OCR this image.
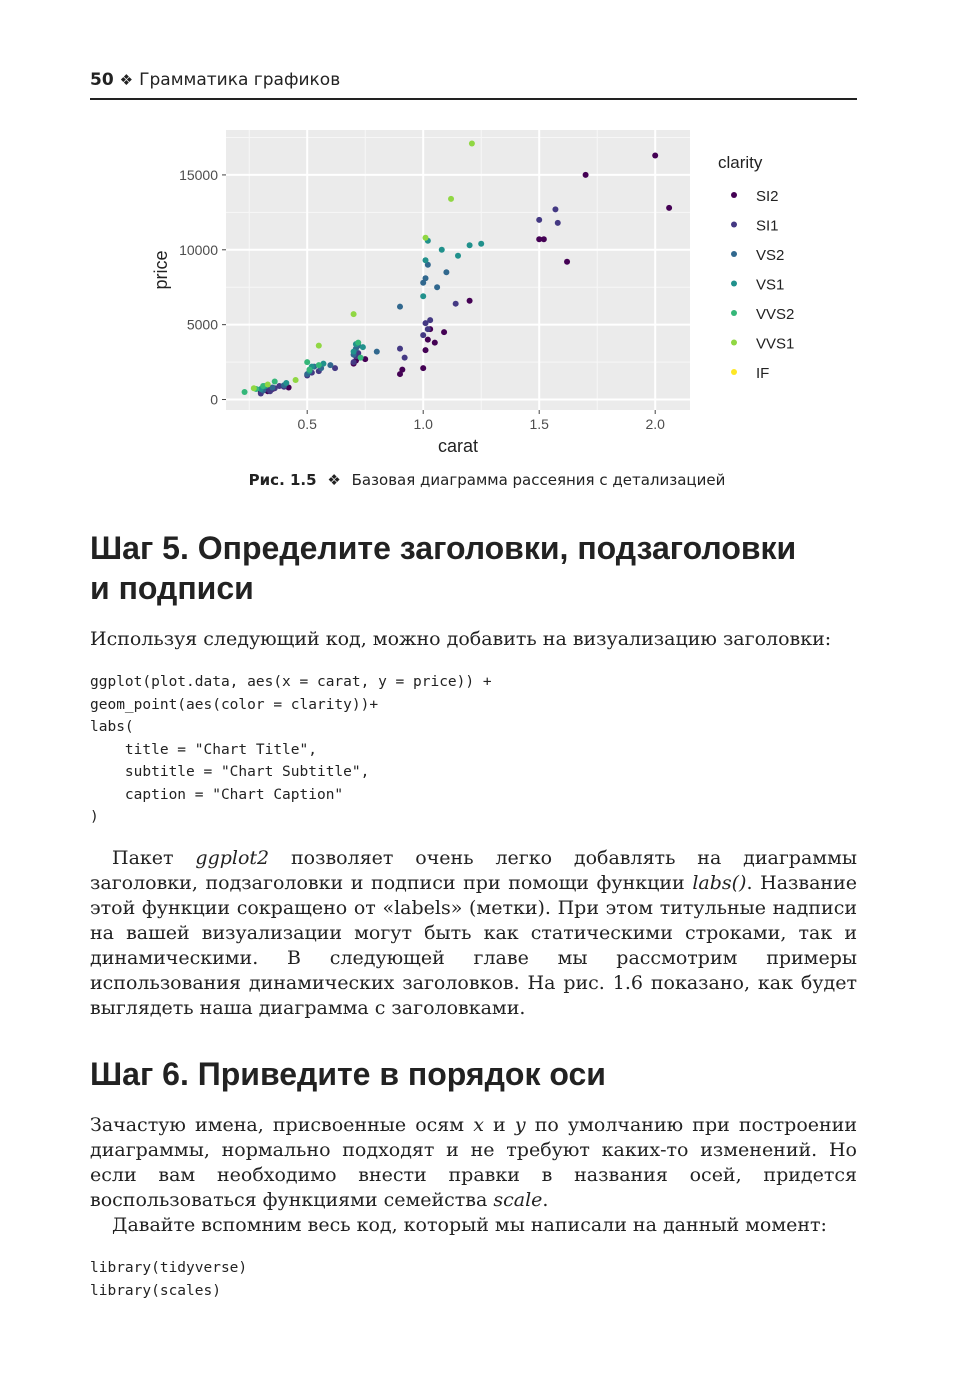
50 ❖ Грамматика графиков
0
5000
10000
15000
0.5	1.0	1.5	2.0
carat
price
clarity
SI2
SI1
VS2
VS1
VVS2
VVS1
IF
Рис. 1.5 ❖ Базовая диаграмма рассеяния с детализацией
Шаг 5. Определите заголовки, подзаголовки
и подписи

Используя следующий код, можно добавить на визуализацию заголовки:

ggplot(plot.data, aes(x = carat, y = price)) +
geom_point(aes(color = clarity))+
labs(
title = "Chart Title",
subtitle = "Chart Subtitle",
caption = "Chart Caption"
)

Пакет ggplot2 позволяет очень легко добавлять на диаграммы заголовки, подзаголовки и подписи при помощи функции labs(). Название этой функции сокращено от «labels» (метки). При этом титульные надписи на вашей визуализации могут быть как статическими строками, так и динамическими. В следующей главе мы рассмотрим примеры использования динамических заголовков. На рис. 1.6 показано, как будет выглядеть наша диаграмма с заголовками.

Шаг 6. Приведите в порядок оси

Зачастую имена, присвоенные осям x и y по умолчанию при построении диаграммы, нормально подходят и не требуют каких-то изменений. Но если вам необходимо внести правки в названия осей, придется воспользоваться функциями семейства scale.

Давайте вспомним весь код, который мы написали на данный момент:

library(tidyverse)
library(scales)
